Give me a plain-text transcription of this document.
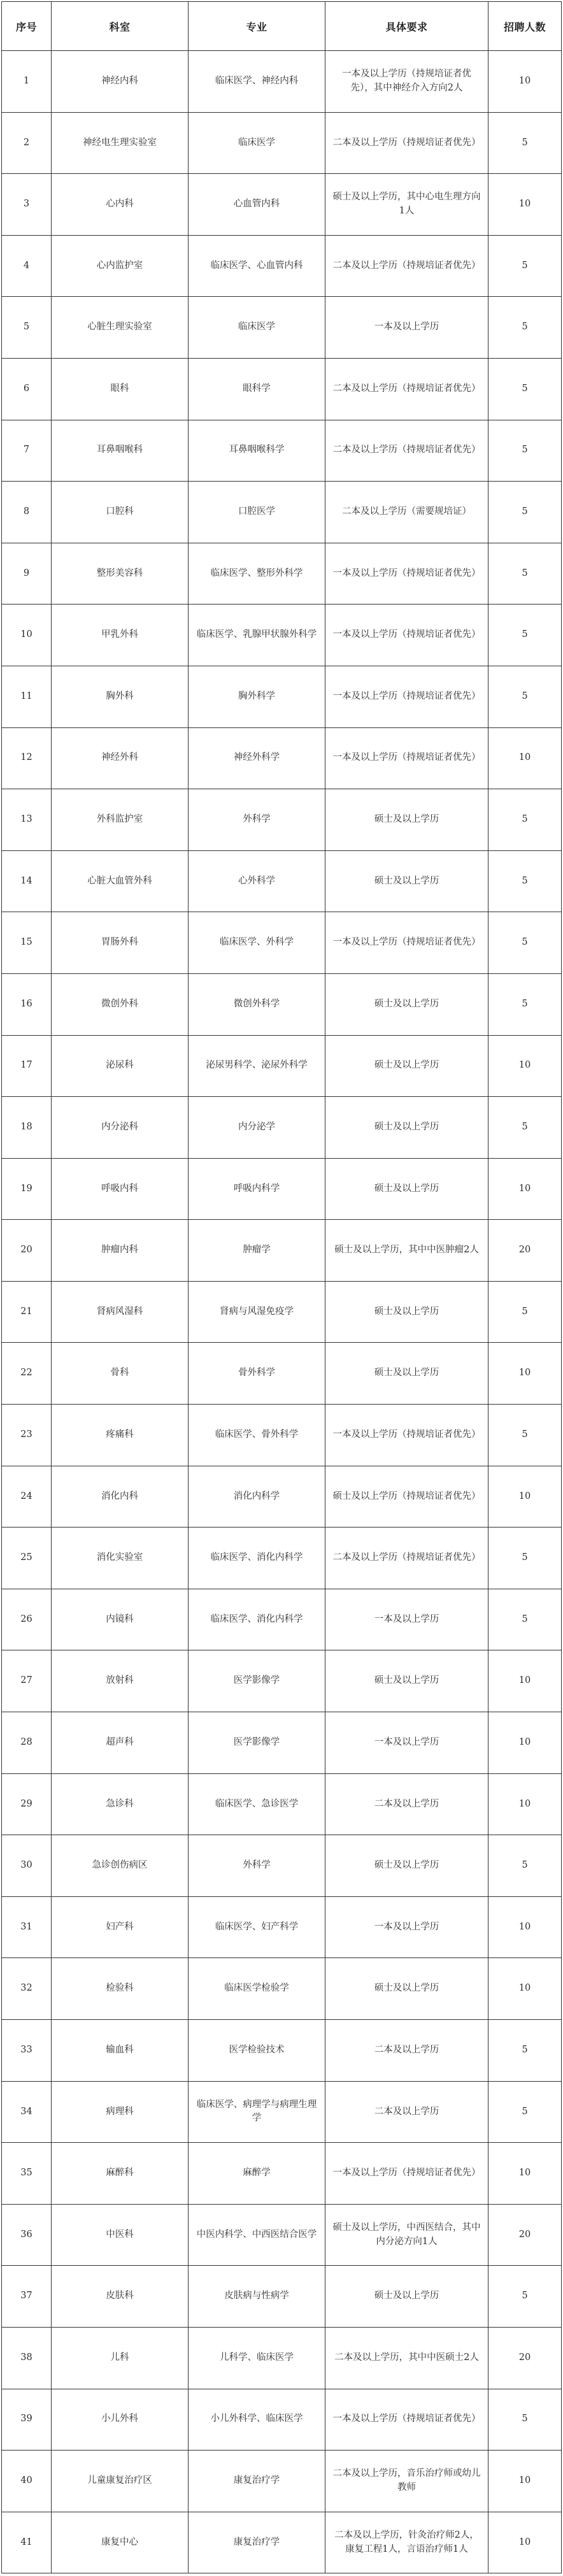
序号	科室	专业	具体要求	招聘人数
1	神经内科	临床医学、神经内科	一本及以上学历（持规培证者优先），其中神经介入方向2人	10
2	神经电生理实验室	临床医学	二本及以上学历（持规培证者优先）	5
3	心内科	心血管内科	硕士及以上学历，其中心电生理方向1人	10
4	心内监护室	临床医学、心血管内科	二本及以上学历（持规培证者优先）	5
5	心脏生理实验室	临床医学	一本及以上学历	5
6	眼科	眼科学	二本及以上学历（持规培证者优先）	5
7	耳鼻咽喉科	耳鼻咽喉科学	二本及以上学历（持规培证者优先）	5
8	口腔科	口腔医学	二本及以上学历（需要规培证）	5
9	整形美容科	临床医学、整形外科学	一本及以上学历（持规培证者优先）	5
10	甲乳外科	临床医学、乳腺甲状腺外科学	一本及以上学历（持规培证者优先）	5
11	胸外科	胸外科学	一本及以上学历（持规培证者优先）	5
12	神经外科	神经外科学	一本及以上学历（持规培证者优先）	10
13	外科监护室	外科学	硕士及以上学历	5
14	心脏大血管外科	心外科学	硕士及以上学历	5
15	胃肠外科	临床医学、外科学	一本及以上学历（持规培证者优先）	5
16	微创外科	微创外科学	硕士及以上学历	5
17	泌尿科	泌尿男科学、泌尿外科学	硕士及以上学历	10
18	内分泌科	内分泌学	硕士及以上学历	5
19	呼吸内科	呼吸内科学	硕士及以上学历	10
20	肿瘤内科	肿瘤学	硕士及以上学历，其中中医肿瘤2人	20
21	肾病风湿科	肾病与风湿免疫学	硕士及以上学历	5
22	骨科	骨外科学	硕士及以上学历	10
23	疼痛科	临床医学、骨外科学	一本及以上学历（持规培证者优先）	5
24	消化内科	消化内科学	硕士及以上学历（持规培证者优先）	10
25	消化实验室	临床医学、消化内科学	二本及以上学历（持规培证者优先）	5
26	内镜科	临床医学、消化内科学	一本及以上学历	5
27	放射科	医学影像学	硕士及以上学历	10
28	超声科	医学影像学	一本及以上学历	10
29	急诊科	临床医学、急诊医学	二本及以上学历	10
30	急诊创伤病区	外科学	硕士及以上学历	5
31	妇产科	临床医学、妇产科学	一本及以上学历	10
32	检验科	临床医学检验学	硕士及以上学历	10
33	输血科	医学检验技术	二本及以上学历	5
34	病理科	临床医学、病理学与病理生理学	二本及以上学历	5
35	麻醉科	麻醉学	一本及以上学历（持规培证者优先）	10
36	中医科	中医内科学、中西医结合医学	硕士及以上学历，中西医结合，其中内分泌方向1人	20
37	皮肤科	皮肤病与性病学	硕士及以上学历	5
38	儿科	儿科学、临床医学	二本及以上学历，其中中医硕士2人	20
39	小儿外科	小儿外科学、临床医学	一本及以上学历（持规培证者优先）	5
40	儿童康复治疗区	康复治疗学	二本及以上学历，音乐治疗师或幼儿教师	10
41	康复中心	康复治疗学	二本及以上学历，针灸治疗师2人，康复工程1人，言语治疗师1人	10
